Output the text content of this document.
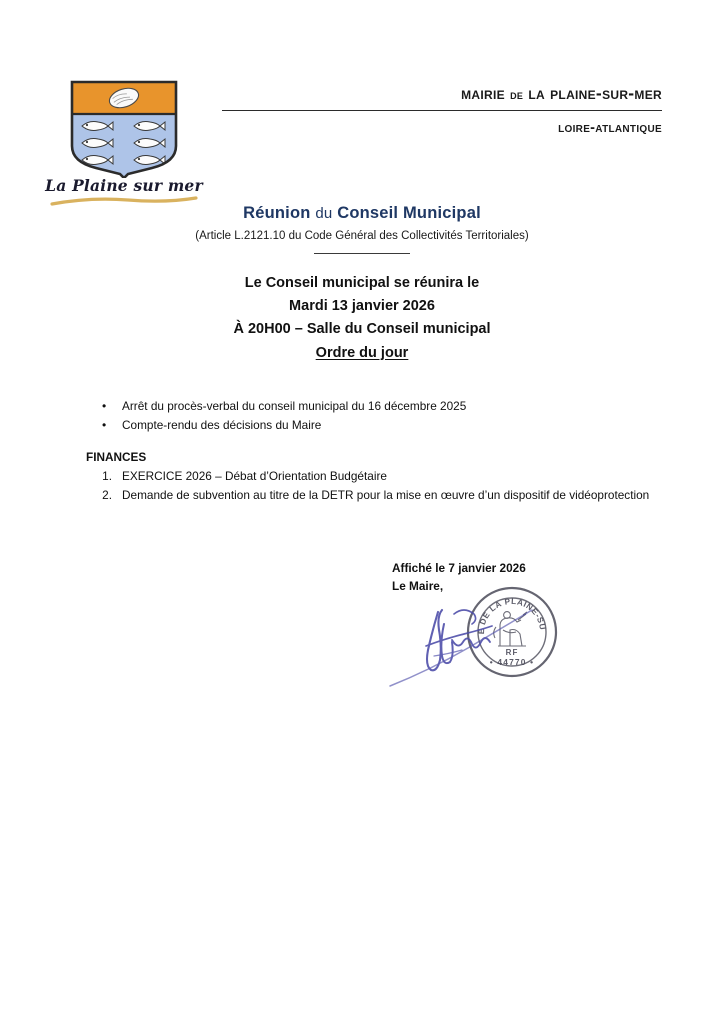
La Plaine sur mer
mairie de la plaine-sur-mer
loire-atlantique
Réunion du Conseil Municipal
(Article L.2121.10 du Code Général des Collectivités Territoriales)
Le Conseil municipal se réunira le
Mardi 13 janvier 2026
À 20H00 – Salle du Conseil municipal
Ordre du jour
•	Arrêt du procès-verbal du conseil municipal du 16 décembre 2025
•	Compte-rendu des décisions du Maire
FINANCES
1. EXERCICE 2026 – Débat d’Orientation Budgétaire
2. Demande de subvention au titre de la DETR pour la mise en œuvre d’un dispositif de vidéoprotection
Affiché le 7 janvier 2026
Le Maire,
MAIRIE DE LA PLAINE-SUR-MER
RF
• 44770 •
